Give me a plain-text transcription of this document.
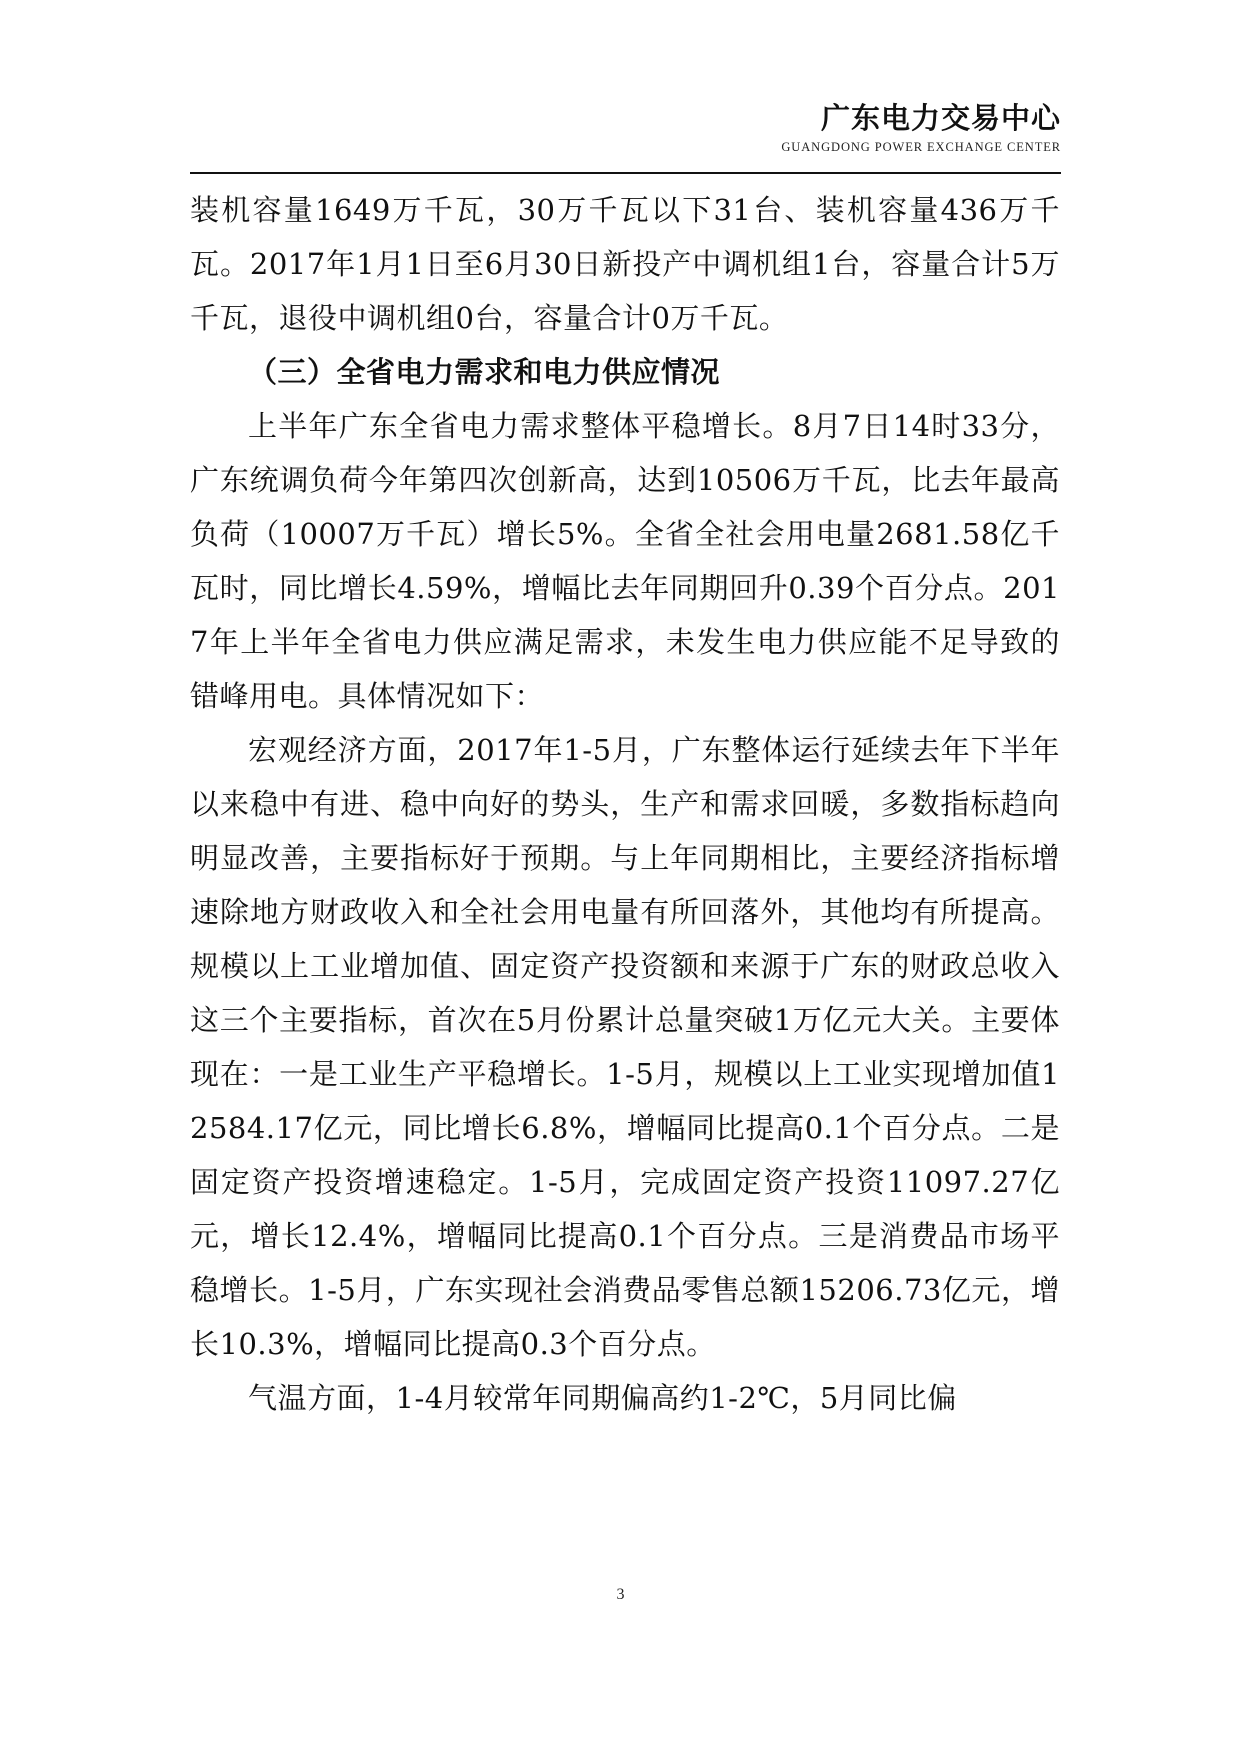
广东电力交易中心
GUANGDONG POWER EXCHANGE CENTER

装机容量1649万千瓦，30万千瓦以下31台、装机容量436万千瓦。2017年1月1日至6月30日新投产中调机组1台，容量合计5万千瓦，退役中调机组0台，容量合计0万千瓦。

（三）全省电力需求和电力供应情况

上半年广东全省电力需求整体平稳增长。8月7日14时33分，广东统调负荷今年第四次创新高，达到10506万千瓦，比去年最高负荷（10007万千瓦）增长5%。全省全社会用电量2681.58亿千瓦时，同比增长4.59%，增幅比去年同期回升0.39个百分点。2017年上半年全省电力供应满足需求，未发生电力供应能不足导致的错峰用电。具体情况如下：

宏观经济方面，2017年1-5月，广东整体运行延续去年下半年以来稳中有进、稳中向好的势头，生产和需求回暖，多数指标趋向明显改善，主要指标好于预期。与上年同期相比，主要经济指标增速除地方财政收入和全社会用电量有所回落外，其他均有所提高。规模以上工业增加值、固定资产投资额和来源于广东的财政总收入这三个主要指标，首次在5月份累计总量突破1万亿元大关。主要体现在：一是工业生产平稳增长。1-5月，规模以上工业实现增加值12584.17亿元，同比增长6.8%，增幅同比提高0.1个百分点。二是固定资产投资增速稳定。1-5月，完成固定资产投资11097.27亿元，增长12.4%，增幅同比提高0.1个百分点。三是消费品市场平稳增长。1-5月，广东实现社会消费品零售总额15206.73亿元，增长10.3%，增幅同比提高0.3个百分点。

气温方面，1-4月较常年同期偏高约1-2℃，5月同比偏

3
